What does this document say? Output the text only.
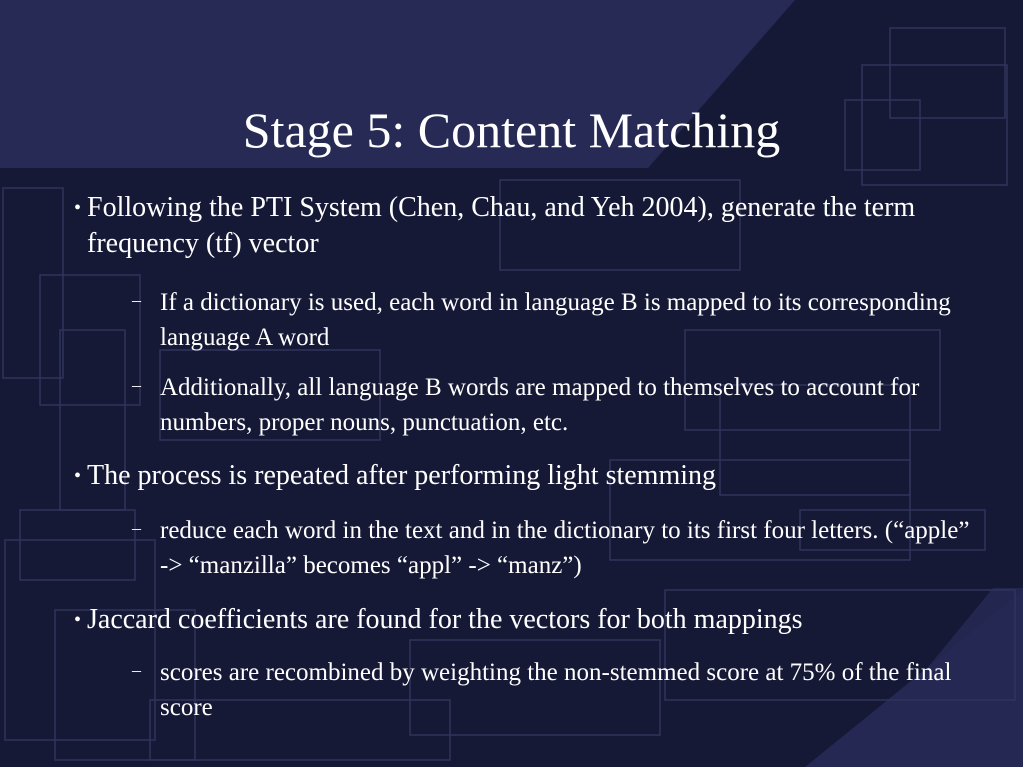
Stage 5: Content Matching
• Following the PTI System (Chen, Chau, and Yeh 2004), generate the term frequency (tf) vector
– If a dictionary is used, each word in language B is mapped to its corresponding language A word
– Additionally, all language B words are mapped to themselves to account for numbers, proper nouns, punctuation, etc.
• The process is repeated after performing light stemming
– reduce each word in the text and in the dictionary to its first four letters. (“apple” -> “manzilla” becomes “appl” -> “manz”)
• Jaccard coefficients are found for the vectors for both mappings
– scores are recombined by weighting the non-stemmed score at 75% of the final score
